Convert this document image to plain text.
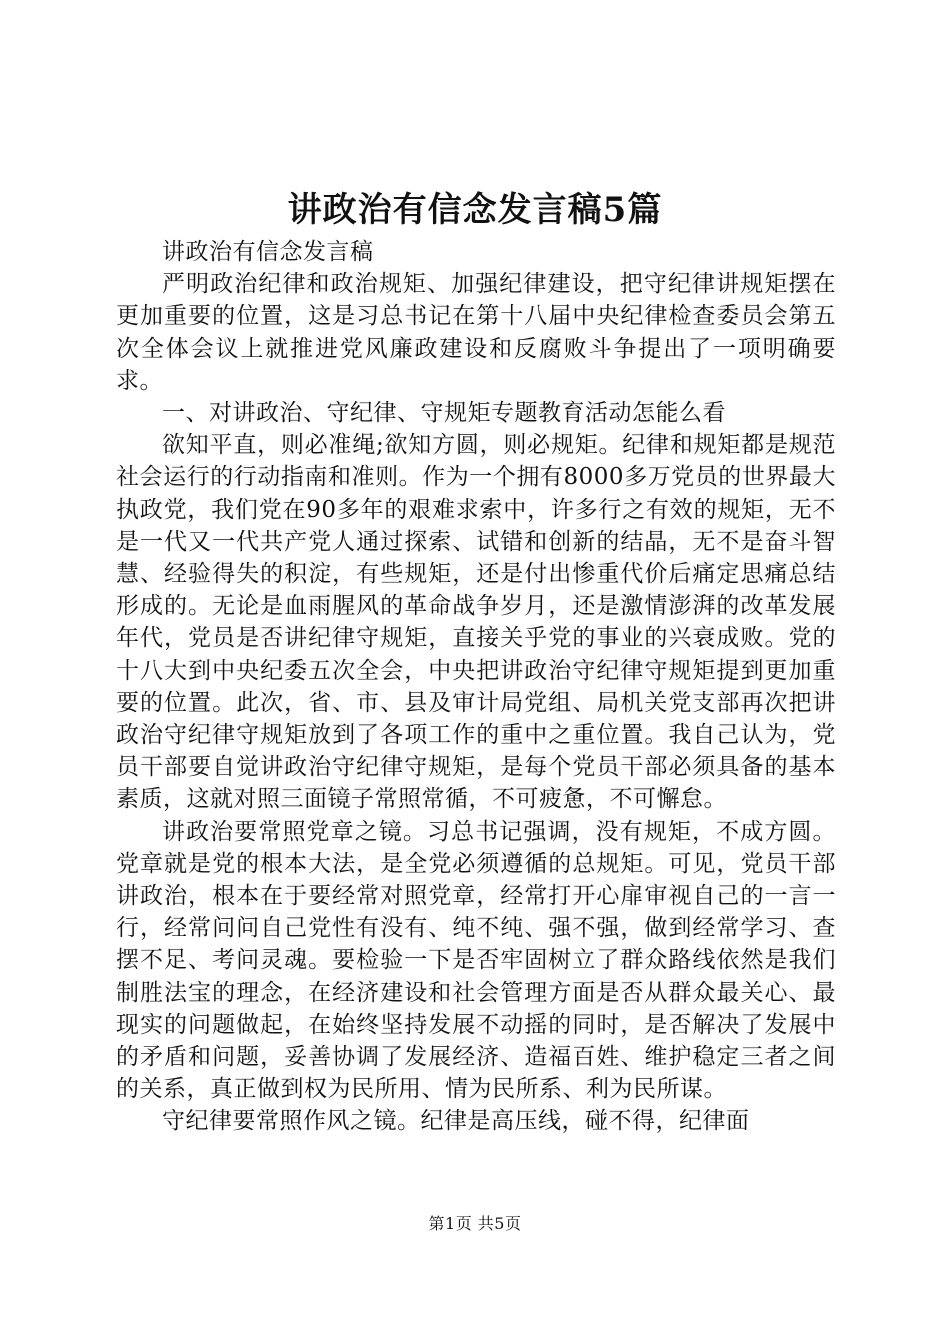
讲政治有信念发言稿5篇

讲政治有信念发言稿

严明政治纪律和政治规矩、加强纪律建设，把守纪律讲规矩摆在更加重要的位置，这是习总书记在第十八届中央纪律检查委员会第五次全体会议上就推进党风廉政建设和反腐败斗争提出了一项明确要求。

一、对讲政治、守纪律、守规矩专题教育活动怎能么看

欲知平直，则必准绳;欲知方圆，则必规矩。纪律和规矩都是规范社会运行的行动指南和准则。作为一个拥有8000多万党员的世界最大执政党，我们党在90多年的艰难求索中，许多行之有效的规矩，无不是一代又一代共产党人通过探索、试错和创新的结晶，无不是奋斗智慧、经验得失的积淀，有些规矩，还是付出惨重代价后痛定思痛总结形成的。无论是血雨腥风的革命战争岁月，还是激情澎湃的改革发展年代，党员是否讲纪律守规矩，直接关乎党的事业的兴衰成败。党的十八大到中央纪委五次全会，中央把讲政治守纪律守规矩提到更加重要的位置。此次，省、市、县及审计局党组、局机关党支部再次把讲政治守纪律守规矩放到了各项工作的重中之重位置。我自己认为，党员干部要自觉讲政治守纪律守规矩，是每个党员干部必须具备的基本素质，这就对照三面镜子常照常循，不可疲惫，不可懈怠。

讲政治要常照党章之镜。习总书记强调，没有规矩，不成方圆。党章就是党的根本大法，是全党必须遵循的总规矩。可见，党员干部讲政治，根本在于要经常对照党章，经常打开心扉审视自己的一言一行，经常问问自己党性有没有、纯不纯、强不强，做到经常学习、查摆不足、考问灵魂。要检验一下是否牢固树立了群众路线依然是我们制胜法宝的理念，在经济建设和社会管理方面是否从群众最关心、最现实的问题做起，在始终坚持发展不动摇的同时，是否解决了发展中的矛盾和问题，妥善协调了发展经济、造福百姓、维护稳定三者之间的关系，真正做到权为民所用、情为民所系、利为民所谋。

守纪律要常照作风之镜。纪律是高压线，碰不得，纪律面

第1页 共5页
